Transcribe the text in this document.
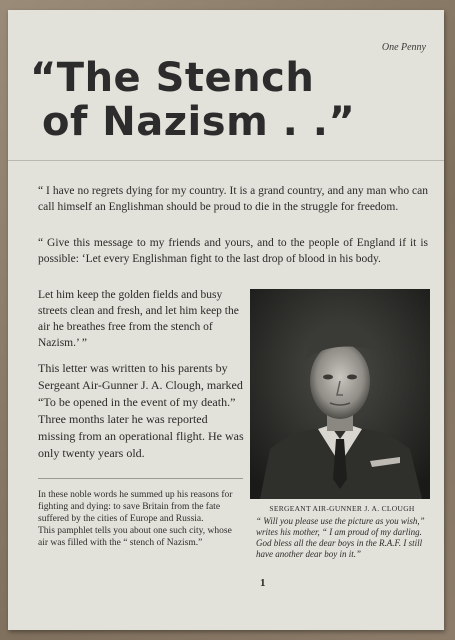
One Penny
“The Stench
of Nazism . .”
“ I have no regrets dying for my country. It is a grand country, and any man who can call himself an Englishman should be proud to die in the struggle for freedom.
“ Give this message to my friends and yours, and to the people of England if it is possible: ‘Let every Englishman fight to the last drop of blood in his body.
Let him keep the golden fields and busy streets clean and fresh, and let him keep the air he breathes free from the stench of Nazism.’ ”
This letter was written to his parents by Sergeant Air-Gunner J. A. Clough, marked “To be opened in the event of my death.” Three months later he was reported missing from an operational flight. He was only twenty years old.

In these noble words he summed up his reasons for fighting and dying: to save Britain from the fate suffered by the cities of Europe and Russia.

This pamphlet tells you about one such city, whose air was filled with the “ stench of Nazism.”

SERGEANT AIR-GUNNER J. A. CLOUGH
“ Will you please use the picture as you wish,” writes his mother, “ I am proud of my darling. God bless all the dear boys in the R.A.F. I still have another dear boy in it.”
1
